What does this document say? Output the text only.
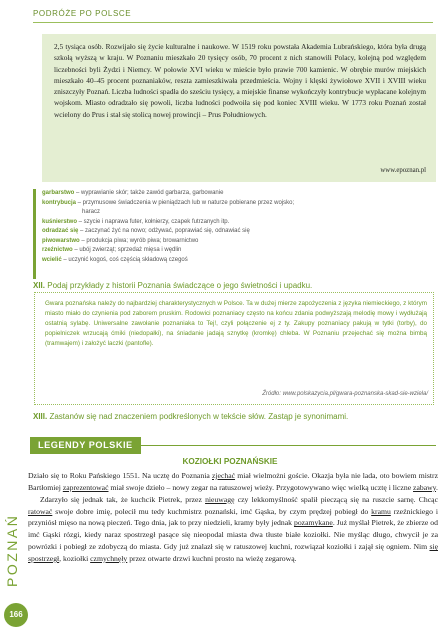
PODRÓŻE PO POLSCE
2,5 tysiąca osób. Rozwijało się życie kulturalne i naukowe. W 1519 roku powstała Akademia Lubrańskiego, która była drugą szkołą wyższą w kraju. W Poznaniu mieszkało 20 tysięcy osób, 70 procent z nich stanowili Polacy, kolejną pod względem liczebności byli Żydzi i Niemcy. W połowie XVI wieku w mieście było prawie 700 kamienic. W obrębie murów miejskich mieszkało 40–45 procent poznaniaków, reszta zamieszkiwała przedmieścia. Wojny i klęski żywiołowe XVII i XVIII wieku zniszczyły Poznań. Liczba ludności spadła do sześciu tysięcy, a miejskie finanse wykończyły kontrybucje wypłacane kolejnym wojskom. Miasto odradzało się powoli, liczba ludności podwoiła się pod koniec XVIII wieku. W 1773 roku Poznań został wcielony do Prus i stał się stolicą nowej prowincji – Prus Południowych.
www.epoznan.pl
garbarstwo – wyprawianie skór; także zawód garbarza, garbowanie
kontrybucja – przymusowe świadczenia w pieniądzach lub w naturze pobierane przez wojsko;
haracz
kuśnierstwo – szycie i naprawa futer, kołnierzy, czapek futrzanych itp.
odradzać się – zaczynać żyć na nowo; odżywać, poprawiać się, odnawiać się
piwowarstwo – produkcja piwa; wyrób piwa; browarnictwo
rzeźnictwo – ubój zwierząt; sprzedaż mięsa i wędlin
wcielić – uczynić kogoś, coś częścią składową czegoś
XII. Podaj przykłady z historii Poznania świadczące o jego świetności i upadku.
Gwara poznańska należy do najbardziej charakterystycznych w Polsce. Ta w dużej mierze zapożyczenia z języka niemieckiego, z którym miasto miało do czynienia pod zaborem pruskim. Rodowici poznaniacy często na końcu zdania podwyższają melodię mowy i wydłużają ostatnią sylabę. Uniwersalne zawołanie poznaniaka to Tej!, czyli połączenie ej z ty. Zakupy poznaniacy pakują w tytki (torby), do popielniczek wrzucają ćmiki (niedopałki), na śniadanie jadają sznytkę (kromkę) chleba. W Poznaniu przejechać się można bimbą (tramwajem) i założyć laczki (pantofle).
Źródło: www.polskazycia.pl/gwara-poznanska-skad-sie-wziela/
XIII. Zastanów się nad znaczeniem podkreślonych w tekście słów. Zastąp je synonimami.
LEGENDY POLSKIE
KOZIOŁKI POZNAŃSKIE

Działo się to Roku Pańskiego 1551. Na ucztę do Poznania zjechać miał wielmożni goście. Okazja była nie lada, oto bowiem mistrz Bartłomiej zaprezentować miał swoje dzieło – nowy zegar na ratuszowej wieży. Przygotowywano więc wielką ucztę i liczne zabawy.

Zdarzyło się jednak tak, że kuchcik Pietrek, przez nieuwagę czy lekkomyślność spalił pieczącą się na ruszcie sarnę. Chcąc ratować swoje dobre imię, polecił mu tedy kuchmistrz poznański, imć Gąska, by czym prędzej pobiegł do kramu rzeźnickiego i przyniósł mięso na nową pieczeń. Tego dnia, jak to przy niedzieli, kramy były jednak pozamykane. Już myślał Pietrek, że zbierze od imć Gąski rózgi, kiedy naraz spostrzegł pasące się nieopodal miasta dwa tłuste białe koziołki. Nie myśląc długo, chwycił je za powrózki i pobiegł ze zdobyczą do miasta. Gdy już znalazł się w ratuszowej kuchni, rozwiązał koziołki i zajął się ogniem. Nim się spostrzegł, koziołki czmychnęły przez otwarte drzwi kuchni prosto na wieżę zegarową.

POZNAŃ
166
